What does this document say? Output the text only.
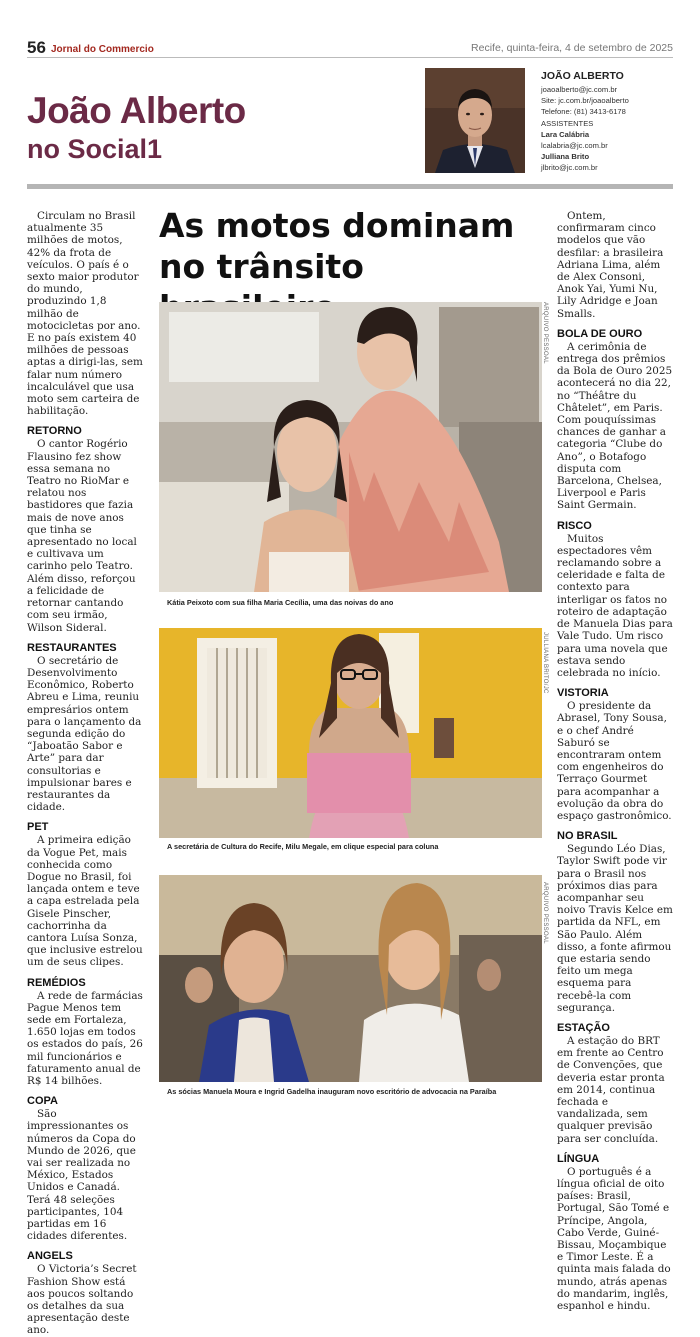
56 Jornal do Commercio	Recife, quinta-feira, 4 de setembro de 2025
João Alberto
no Social1
JOÃO ALBERTO
joaoalberto@jc.com.br
Site: jc.com.br/joaoalberto
Telefone: (81) 3413-6178
ASSISTENTES
Lara Calábria
lcalabria@jc.com.br
Julliana Brito
jlbrito@jc.com.br

Circulam no Brasil atualmente 35 milhões de motos, 42% da frota de veículos. O país é o sexto maior produtor do mundo, produzindo 1,8 milhão de motocicletas por ano. E no país existem 40 milhões de pessoas aptas a dirigi-las, sem falar num número incalculável que usa moto sem carteira de habilitação.

RETORNO

O cantor Rogério Flausino fez show essa semana no Teatro no RioMar e relatou nos bastidores que fazia mais de nove anos que tinha se apresentado no local e cultivava um carinho pelo Teatro. Além disso, reforçou a felicidade de retornar cantando com seu irmão, Wilson Sideral.

RESTAURANTES

O secretário de Desenvolvimento Econômico, Roberto Abreu e Lima, reuniu empresários ontem para o lançamento da segunda edição do “Jaboatão Sabor e Arte” para dar consultorias e impulsionar bares e restaurantes da cidade.

PET

A primeira edição da Vogue Pet, mais conhecida como Dogue no Brasil, foi lançada ontem e teve a capa estrelada pela Gisele Pinscher, cachorrinha da cantora Luísa Sonza, que inclusive estrelou um de seus clipes.

REMÉDIOS

A rede de farmácias Pague Menos tem sede em Fortaleza, 1.650 lojas em todos os estados do país, 26 mil funcionários e faturamento anual de R$ 14 bilhões.

COPA

São impressionantes os números da Copa do Mundo de 2026, que vai ser realizada no México, Estados Unidos e Canadá. Terá 48 seleções participantes, 104 partidas em 16 cidades diferentes.

ANGELS

O Victoria’s Secret Fashion Show está aos poucos soltando os detalhes da sua apresentação deste ano.

As motos dominam no trânsito
ARQUIVO PESSOAL
Kátia Peixoto com sua filha Maria Cecília, uma das noivas do ano
JULLIANA BRITO/JC
A secretária de Cultura do Recife, Milu Megale, em clique especial para coluna
ARQUIVO PESSOAL
As sócias Manuela Moura e Ingrid Gadelha inauguram novo escritório de advocacia na Paraíba

Ontem, confirmaram cinco modelos que vão desfilar: a brasileira Adriana Lima, além de Alex Consoni, Anok Yai, Yumi Nu, Lily Adridge e Joan Smalls.

BOLA DE OURO

A cerimônia de entrega dos prêmios da Bola de Ouro 2025 acontecerá no dia 22, no “Théâtre du Châtelet”, em Paris. Com pouquíssimas chances de ganhar a categoria “Clube do Ano”, o Botafogo disputa com Barcelona, Chelsea, Liverpool e Paris Saint Germain.

RISCO

Muitos espectadores vêm reclamando sobre a celeridade e falta de contexto para interligar os fatos no roteiro de adaptação de Manuela Dias para Vale Tudo. Um risco para uma novela que estava sendo celebrada no início.

VISTORIA

O presidente da Abrasel, Tony Sousa, e o chef André Saburó se encontraram ontem com engenheiros do Terraço Gourmet para acompanhar a evolução da obra do espaço gastronômico.

NO BRASIL

Segundo Léo Dias, Taylor Swift pode vir para o Brasil nos próximos dias para acompanhar seu noivo Travis Kelce em partida da NFL, em São Paulo. Além disso, a fonte afirmou que estaria sendo feito um mega esquema para recebê-la com segurança.

ESTAÇÃO

A estação do BRT em frente ao Centro de Convenções, que deveria estar pronta em 2014, continua fechada e vandalizada, sem qualquer previsão para ser concluída.

LÍNGUA

O português é a língua oficial de oito países: Brasil, Portugal, São Tomé e Príncipe, Angola, Cabo Verde, Guiné-Bissau, Moçambique e Timor Leste. É a quinta mais falada do mundo, atrás apenas do mandarim, inglês, espanhol e hindu.
